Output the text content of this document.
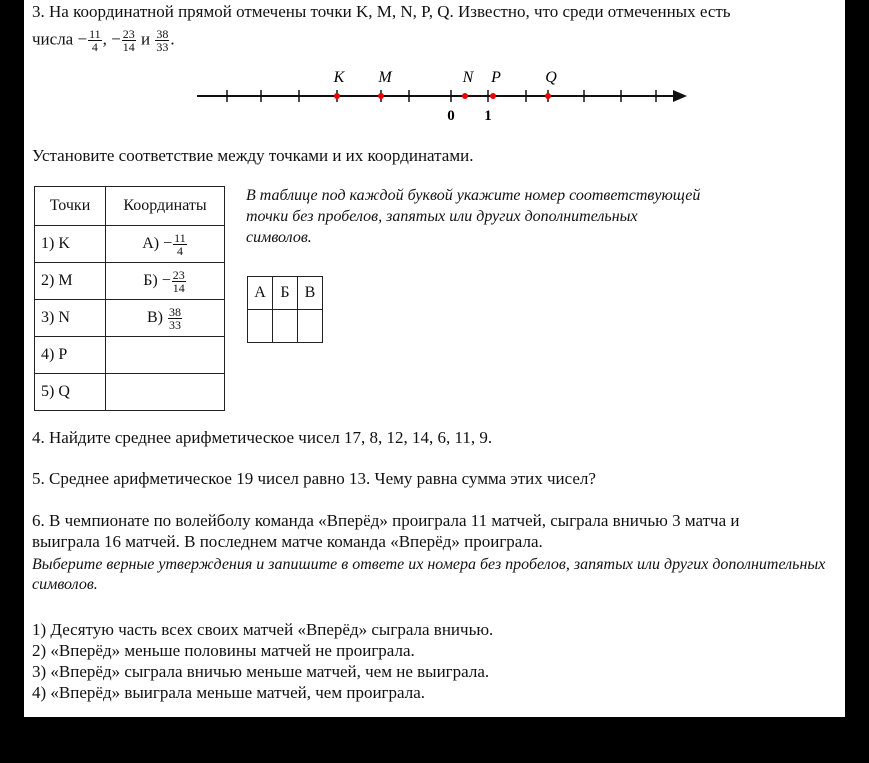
3. На координатной прямой отмечены точки K, M, N, P, Q. Известно, что среди отмеченных есть
числа − $\frac{11}{4}$ , − $\frac{23}{14}$ и $\frac{38}{33}$ .
K M	N P	Q
0 1
Установите соответствие между точками и их координатами.
Точки	Координаты
1) K	$А) - \frac{11}{4}$

2) M	$Б) - \frac{23}{14}$

3) N	$В) \frac{38}{33}$

4) P	
5) Q	
В таблице под каждой буквой укажите номер соответствующей точки без пробелов, запятых или других дополнительных символов.
А	Б	В

4. Найдите среднее арифметическое чисел 17, 8, 12, 14, 6, 11, 9.
5. Среднее арифметическое 19 чисел равно 13. Чему равна сумма этих чисел?
6. В чемпионате по волейболу команда «Вперёд» проиграла 11 матчей, сыграла вничью 3 матча и
выиграла 16 матчей. В последнем матче команда «Вперёд» проиграла.
Выберите верные утверждения и запишите в ответе их номера без пробелов, запятых или других дополнительных символов.
1) Десятую часть всех своих матчей «Вперёд» сыграла вничью.
2) «Вперёд» меньше половины матчей не проиграла.
3) «Вперёд» сыграла вничью меньше матчей, чем не выиграла.
4) «Вперёд» выиграла меньше матчей, чем проиграла.
